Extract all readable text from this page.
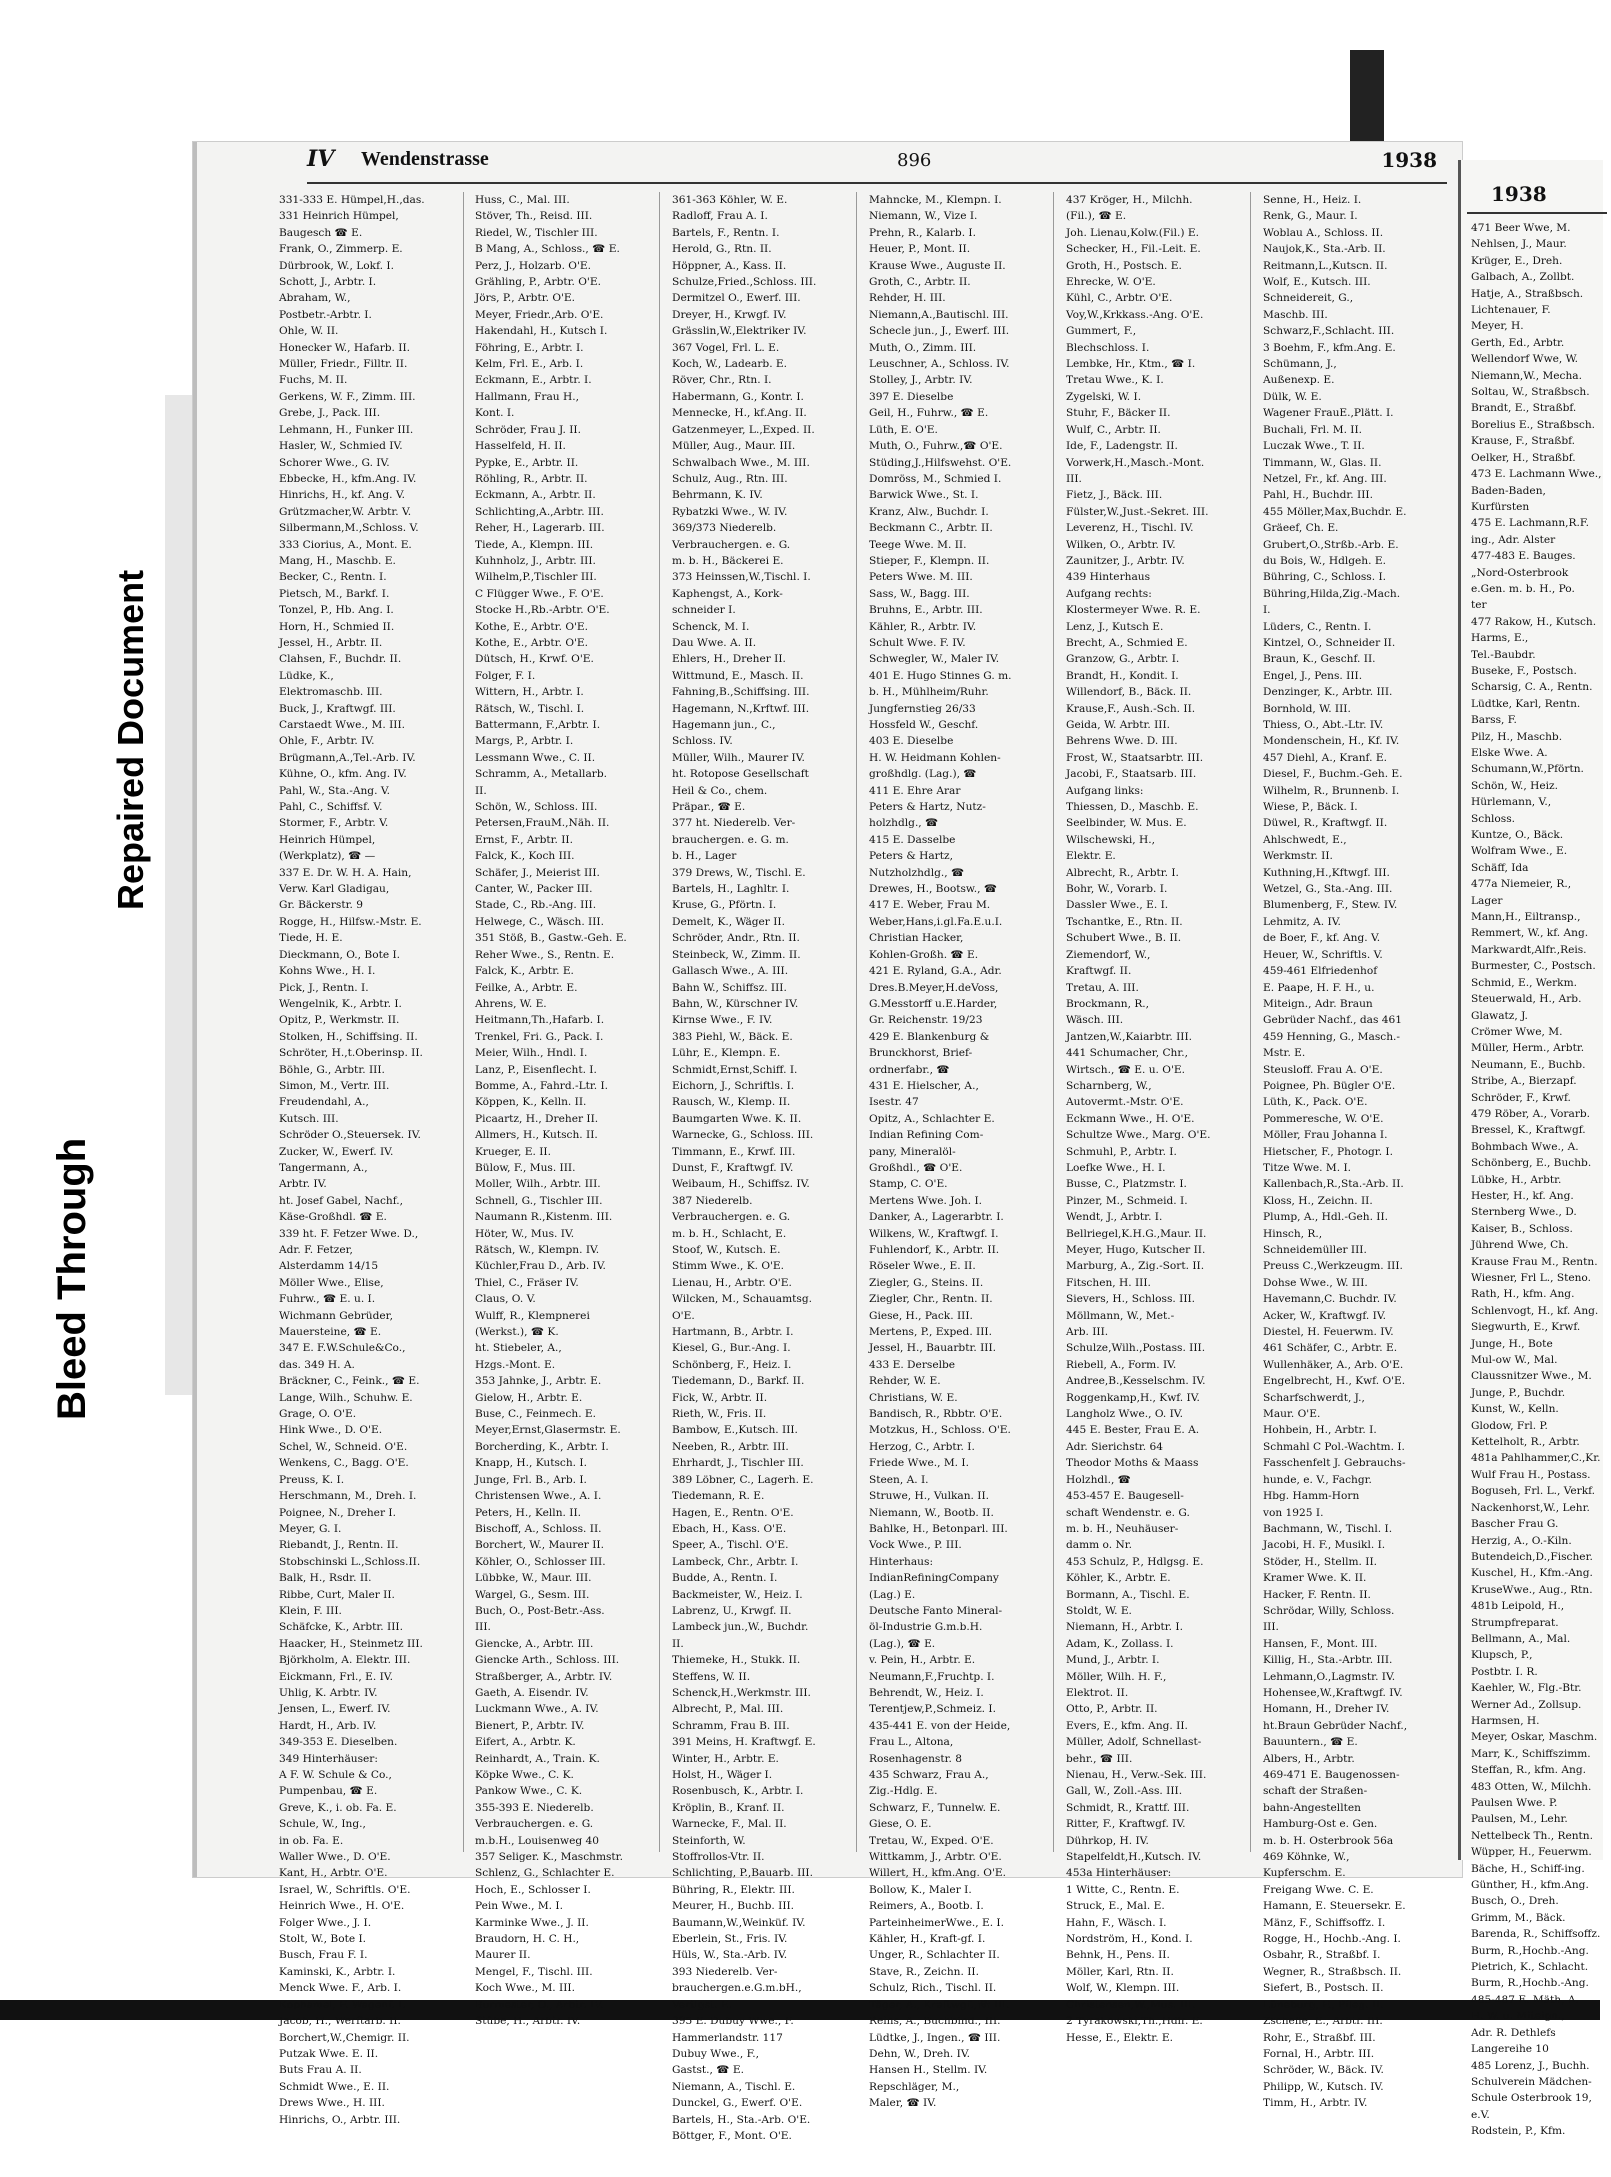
Bleed Through
Repaired Document
IV Wendenstrasse	896	1938
331-333 E. Hümpel,H.,das.
331 Heinrich Hümpel,
Baugesch ☎ E.
Frank, O., Zimmerp. E.
Dürbrook, W., Lokf. I.
Schott, J., Arbtr. I.
Abraham, W.,
Postbetr.-Arbtr. I.
Ohle, W. II.
Honecker W., Hafarb. II.
Müller, Friedr., Filltr. II.
Fuchs, M. II.
Gerkens, W. F., Zimm. III.
Grebe, J., Pack. III.
Lehmann, H., Funker III.
Hasler, W., Schmied IV.
Schorer Wwe., G. IV.
Ebbecke, H., kfm.Ang. IV.
Hinrichs, H., kf. Ang. V.
Grützmacher,W. Arbtr. V.
Silbermann,M.,Schloss. V.
333 Ciorius, A., Mont. E.
Mang, H., Maschb. E.
Becker, C., Rentn. I.
Pietsch, M., Barkf. I.
Tonzel, P., Hb. Ang. I.
Horn, H., Schmied II.
Jessel, H., Arbtr. II.
Clahsen, F., Buchdr. II.
Lüdke, K.,
Elektromaschb. III.
Buck, J., Kraftwgf. III.
Carstaedt Wwe., M. III.
Ohle, F., Arbtr. IV.
Brügmann,A.,Tel.-Arb. IV.
Kühne, O., kfm. Ang. IV.
Pahl, W., Sta.-Ang. V.
Pahl, C., Schiffsf. V.
Stormer, F., Arbtr. V.
Heinrich Hümpel,
(Werkplatz), ☎ —
337 E. Dr. W. H. A. Hain,
Verw. Karl Gladigau,
Gr. Bäckerstr. 9
Rogge, H., Hilfsw.-Mstr. E.
Tiede, H. E.
Dieckmann, O., Bote I.
Kohns Wwe., H. I.
Pick, J., Rentn. I.
Wengelnik, K., Arbtr. I.
Opitz, P., Werkmstr. II.
Stolken, H., Schiffsing. II.
Schröter, H.,t.Oberinsp. II.
Böhle, G., Arbtr. III.
Simon, M., Vertr. III.
Freudendahl, A.,
Kutsch. III.
Schröder O.,Steuersek. IV.
Zucker, W., Ewerf. IV.
Tangermann, A.,
Arbtr. IV.
ht. Josef Gabel, Nachf.,
Käse-Großhdl. ☎ E.
339 ht. F. Fetzer Wwe. D.,
Adr. F. Fetzer,
Alsterdamm 14/15
Möller Wwe., Elise,
Fuhrw., ☎ E. u. I.
Wichmann Gebrüder,
Mauersteine, ☎ E.
347 E. F.W.Schule&Co.,
das. 349 H. A.
Bräckner, C., Feink., ☎ E.
Lange, Wilh., Schuhw. E.
Grage, O. O'E.
Hink Wwe., D. O'E.
Schel, W., Schneid. O'E.
Wenkens, C., Bagg. O'E.
Preuss, K. I.
Herschmann, M., Dreh. I.
Poignee, N., Dreher I.
Meyer, G. I.
Riebandt, J., Rentn. II.
Stobschinski L.,Schloss.II.
Balk, H., Rsdr. II.
Ribbe, Curt, Maler II.
Klein, F. III.
Schäfcke, K., Arbtr. III.
Haacker, H., Steinmetz III.
Björkholm, A. Elektr. III.
Eickmann, Frl., E. IV.
Uhlig, K. Arbtr. IV.
Jensen, L., Ewerf. IV.
Hardt, H., Arb. IV.
349-353 E. Dieselben.
349 Hinterhäuser:
A F. W. Schule & Co.,
Pumpenbau, ☎ E.
Greve, K., i. ob. Fa. E.
Schule, W., Ing.,
in ob. Fa. E.
Waller Wwe., D. O'E.
Kant, H., Arbtr. O'E.
Israel, W., Schriftls. O'E.
Heinrich Wwe., H. O'E.
Folger Wwe., J. I.
Stolt, W., Bote I.
Busch, Frau F. I.
Kaminski, K., Arbtr. I.
Menck Wwe. F., Arb. I.
Kophamel, F. Wagenf. I.
Jacob, H., Werftarb. II.
Borchert,W.,Chemigr. II.
Putzak Wwe. E. II.
Buts Frau A. II.
Schmidt Wwe., E. II.
Drews Wwe., H. III.
Hinrichs, O., Arbtr. III.
Huss, C., Mal. III.
Stöver, Th., Reisd. III.
Riedel, W., Tischler III.
B Mang, A., Schloss., ☎ E.
Perz, J., Holzarb. O'E.
Grähling, P., Arbtr. O'E.
Jörs, P., Arbtr. O'E.
Meyer, Friedr.,Arb. O'E.
Hakendahl, H., Kutsch I.
Föhring, E., Arbtr. I.
Kelm, Frl. E., Arb. I.
Eckmann, E., Arbtr. I.
Hallmann, Frau H.,
Kont. I.
Schröder, Frau J. II.
Hasselfeld, H. II.
Pypke, E., Arbtr. II.
Röhling, R., Arbtr. II.
Eckmann, A., Arbtr. II.
Schlichting,A.,Arbtr. III.
Reher, H., Lagerarb. III.
Tiede, A., Klempn. III.
Kuhnholz, J., Arbtr. III.
Wilhelm,P.,Tischler III.
C Flügger Wwe., F. O'E.
Stocke H.,Rb.-Arbtr. O'E.
Kothe, E., Arbtr. O'E.
Kothe, E., Arbtr. O'E.
Dütsch, H., Krwf. O'E.
Folger, F. I.
Wittern, H., Arbtr. I.
Rätsch, W., Tischl. I.
Battermann, F.,Arbtr. I.
Margs, P., Arbtr. I.
Lessmann Wwe., C. II.
Schramm, A., Metallarb.
II.
Schön, W., Schloss. III.
Petersen,FrauM.,Näh. II.
Ernst, F., Arbtr. II.
Falck, K., Koch III.
Schäfer, J., Meierist III.
Canter, W., Packer III.
Stade, C., Rb.-Ang. III.
Helwege, C., Wäsch. III.
351 Stöß, B., Gastw.-Geh. E.
Reher Wwe., S., Rentn. E.
Falck, K., Arbtr. E.
Feilke, A., Arbtr. E.
Ahrens, W. E.
Heitmann,Th.,Hafarb. I.
Trenkel, Fri. G., Pack. I.
Meier, Wilh., Hndl. I.
Lanz, P., Eisenflecht. I.
Bomme, A., Fahrd.-Ltr. I.
Köppen, K., Kelln. II.
Picaartz, H., Dreher II.
Allmers, H., Kutsch. II.
Krueger, E. II.
Bülow, F., Mus. III.
Moller, Wilh., Arbtr. III.
Schnell, G., Tischler III.
Naumann R.,Kistenm. III.
Höter, W., Mus. IV.
Rätsch, W., Klempn. IV.
Küchler,Frau D., Arb. IV.
Thiel, C., Fräser IV.
Claus, O. V.
Wulff, R., Klempnerei
(Werkst.), ☎ K.
ht. Stiebeler, A.,
Hzgs.-Mont. E.
353 Jahnke, J., Arbtr. E.
Gielow, H., Arbtr. E.
Buse, C., Feinmech. E.
Meyer,Ernst,Glasermstr. E.
Borcherding, K., Arbtr. I.
Knapp, H., Kutsch. I.
Junge, Frl. B., Arb. I.
Christensen Wwe., A. I.
Peters, H., Kelln. II.
Bischoff, A., Schloss. II.
Borchert, W., Maurer II.
Köhler, O., Schlosser III.
Lübbke, W., Maur. III.
Wargel, G., Sesm. III.
Buch, O., Post-Betr.-Ass.
III.
Giencke, A., Arbtr. III.
Giencke Arth., Schloss. III.
Straßberger, A., Arbtr. IV.
Gaeth, A. Eisendr. IV.
Luckmann Wwe., A. IV.
Bienert, P., Arbtr. IV.
Eifert, A., Arbtr. K.
Reinhardt, A., Train. K.
Köpke Wwe., C. K.
Pankow Wwe., C. K.
355-393 E. Niederelb.
Verbrauchergen. e. G.
m.b.H., Louisenweg 40
357 Seliger. K., Maschmstr.
Schlenz, G., Schlachter E.
Hoch, E., Schlosser I.
Pein Wwe., M. I.
Karminke Wwe., J. II.
Braudorn, H. C. H.,
Maurer II.
Mengel, F., Tischl. III.
Koch Wwe., M. III.
Burmester, O., Arbtr. IV.
Stübe, H., Arbtr. IV.
361-363 Köhler, W. E.
Radloff, Frau A. I.
Bartels, F., Rentn. I.
Herold, G., Rtn. II.
Höppner, A., Kass. II.
Schulze,Fried.,Schloss. III.
Dermitzel O., Ewerf. III.
Dreyer, H., Krwgf. IV.
Grässlin,W.,Elektriker IV.
367 Vogel, Frl. L. E.
Koch, W., Ladearb. E.
Röver, Chr., Rtn. I.
Habermann, G., Kontr. I.
Mennecke, H., kf.Ang. II.
Gatzenmeyer, L.,Exped. II.
Müller, Aug., Maur. III.
Schwalbach Wwe., M. III.
Schulz, Aug., Rtn. III.
Behrmann, K. IV.
Rybatzki Wwe., W. IV.
369/373 Niederelb.
Verbrauchergen. e. G.
m. b. H., Bäckerei E.
373 Heinssen,W.,Tischl. I.
Kaphengst, A., Kork-
schneider I.
Schenck, M. I.
Dau Wwe. A. II.
Ehlers, H., Dreher II.
Wittmund, E., Masch. II.
Fahning,B.,Schiffsing. III.
Hagemann, N.,Krftwf. III.
Hagemann jun., C.,
Schloss. IV.
Müller, Wilh., Maurer IV.
ht. Rotopose Gesellschaft
Heil & Co., chem.
Präpar., ☎ E.
377 ht. Niederelb. Ver-
brauchergen. e. G. m.
b. H., Lager
379 Drews, W., Tischl. E.
Bartels, H., Laghltr. I.
Kruse, G., Pförtn. I.
Demelt, K., Wäger II.
Schröder, Andr., Rtn. II.
Steinbeck, W., Zimm. II.
Gallasch Wwe., A. III.
Bahn W., Schiffsz. III.
Bahn, W., Kürschner IV.
Kirnse Wwe., F. IV.
383 Piehl, W., Bäck. E.
Lühr, E., Klempn. E.
Schmidt,Ernst,Schiff. I.
Eichorn, J., Schriftls. I.
Rausch, W., Klemp. II.
Baumgarten Wwe. K. II.
Warnecke, G., Schloss. III.
Timmann, E., Krwf. III.
Dunst, F., Kraftwgf. IV.
Weibaum, H., Schiffsz. IV.
387 Niederelb.
Verbrauchergen. e. G.
m. b. H., Schlacht, E.
Stoof, W., Kutsch. E.
Stimm Wwe., K. O'E.
Lienau, H., Arbtr. O'E.
Wilcken, M., Schauamtsg.
O'E.
Hartmann, B., Arbtr. I.
Kiesel, G., Bur.-Ang. I.
Schönberg, F., Heiz. I.
Tiedemann, D., Barkf. II.
Fick, W., Arbtr. II.
Rieth, W., Fris. II.
Bambow, E.,Kutsch. III.
Neeben, R., Arbtr. III.
Ehrhardt, J., Tischler III.
389 Löbner, C., Lagerh. E.
Tiedemann, R. E.
Hagen, E., Rentn. O'E.
Ebach, H., Kass. O'E.
Speer, A., Tischl. O'E.
Lambeck, Chr., Arbtr. I.
Budde, A., Rentn. I.
Backmeister, W., Heiz. I.
Labrenz, U., Krwgf. II.
Lambeck jun.,W., Buchdr.
II.
Thiemeke, H., Stukk. II.
Steffens, W. II.
Schenck,H.,Werkmstr. III.
Albrecht, P., Mal. III.
Schramm, Frau B. III.
391 Meins, H. Kraftwgf. E.
Winter, H., Arbtr. E.
Holst, H., Wäger I.
Rosenbusch, K., Arbtr. I.
Kröplin, B., Kranf. II.
Warnecke, F., Mal. II.
Steinforth, W.
Stoffrollos-Vtr. II.
Schlichting, P.,Bauarb. III.
Bühring, R., Elektr. III.
Meurer, H., Buchb. III.
Baumann,W.,Weinküf. IV.
Eberlein, St., Fris. IV.
Hüls, W., Sta.-Arb. IV.
393 Niederelb. Ver-
brauchergen.e.G.m.bH.,
Vertlgst. E.
395 E. Dubuy Wwe., F.
Hammerlandstr. 117
Dubuy Wwe., F.,
Gastst., ☎ E.
Niemann, A., Tischl. E.
Dunckel, G., Ewerf. O'E.
Bartels, H., Sta.-Arb. O'E.
Böttger, F., Mont. O'E.
Mahncke, M., Klempn. I.
Niemann, W., Vize I.
Prehn, R., Kalarb. I.
Heuer, P., Mont. II.
Krause Wwe., Auguste II.
Groth, C., Arbtr. II.
Rehder, H. III.
Niemann,A.,Bautischl. III.
Schecle jun., J., Ewerf. III.
Muth, O., Zimm. III.
Leuschner, A., Schloss. IV.
Stolley, J., Arbtr. IV.
397 E. Dieselbe
Geil, H., Fuhrw., ☎ E.
Lüth, E. O'E.
Muth, O., Fuhrw.,☎ O'E.
Stüding,J.,Hilfswehst. O'E.
Domröss, M., Schmied I.
Barwick Wwe., St. I.
Kranz, Alw., Buchdr. I.
Beckmann C., Arbtr. II.
Teege Wwe. M. II.
Stieper, F., Klempn. II.
Peters Wwe. M. III.
Sass, W., Bagg. III.
Bruhns, E., Arbtr. III.
Kähler, R., Arbtr. IV.
Schult Wwe. F. IV.
Schwegler, W., Maler IV.
401 E. Hugo Stinnes G. m.
b. H., Mühlheim/Ruhr.
Jungfernstieg 26/33
Hossfeld W., Geschf.
403 E. Dieselbe
H. W. Heidmann Kohlen-
großhdlg. (Lag.), ☎
411 E. Ehre Arar
Peters & Hartz, Nutz-
holzhdlg., ☎
415 E. Dasselbe
Peters & Hartz,
Nutzholzhdlg., ☎
Drewes, H., Bootsw., ☎
417 E. Weber, Frau M.
Weber,Hans,i.gl.Fa.E.u.I.
Christian Hacker,
Kohlen-Großh. ☎ E.
421 E. Ryland, G.A., Adr.
Dres.B.Meyer,H.deVoss,
G.Messtorff u.E.Harder,
Gr. Reichenstr. 19/23
429 E. Blankenburg &
Brunckhorst, Brief-
ordnerfabr., ☎
431 E. Hielscher, A.,
Isestr. 47
Opitz, A., Schlachter E.
Indian Refining Com-
pany, Mineralöl-
Großhdl., ☎ O'E.
Stamp, C. O'E.
Mertens Wwe. Joh. I.
Danker, A., Lagerarbtr. I.
Wilkens, W., Kraftwgf. I.
Fuhlendorf, K., Arbtr. II.
Röseler Wwe., E. II.
Ziegler, G., Steins. II.
Ziegler, Chr., Rentn. II.
Giese, H., Pack. III.
Mertens, P., Exped. III.
Jessel, H., Bauarbtr. III.
433 E. Derselbe
Rehder, W. E.
Christians, W. E.
Bandisch, R., Rbbtr. O'E.
Motzkus, H., Schloss. O'E.
Herzog, C., Arbtr. I.
Friede Wwe., M. I.
Steen, A. I.
Struwe, H., Vulkan. II.
Niemann, W., Bootb. II.
Bahlke, H., Betonparl. III.
Vock Wwe., P. III.
Hinterhaus:
IndianRefiningCompany
(Lag.) E.
Deutsche Fanto Mineral-
öl-Industrie G.m.b.H.
(Lag.), ☎ E.
v. Pein, H., Arbtr. E.
Neumann,F.,Fruchtp. I.
Behrendt, W., Heiz. I.
Terentjew,P.,Schmeiz. I.
435-441 E. von der Heide,
Frau L., Altona,
Rosenhagenstr. 8
435 Schwarz, Frau A.,
Zig.-Hdlg. E.
Schwarz, F., Tunnelw. E.
Giese, O. E.
Tretau, W., Exped. O'E.
Wittkamm, J., Arbtr. O'E.
Willert, H., kfm.Ang. O'E.
Bollow, K., Maler I.
Reimers, A., Bootb. I.
ParteinheimerWwe., E. I.
Kähler, H., Kraft-gf. I.
Unger, R., Schlachter II.
Stave, R., Zeichn. II.
Schulz, Rich., Tischl. II.
Täger, A., Kraftwgf.,☎ III.
Reins, A., Buchbind., III.
Lüdtke, J., Ingen., ☎ III.
Dehn, W., Dreh. IV.
Hansen H., Stellm. IV.
Repschläger, M.,
Maler, ☎ IV.
437 Kröger, H., Milchh.
(Fil.), ☎ E.
Joh. Lienau,Kolw.(Fil.) E.
Schecker, H., Fil.-Leit. E.
Groth, H., Postsch. E.
Ehrecke, W. O'E.
Kühl, C., Arbtr. O'E.
Voy,W.,Krkkass.-Ang. O'E.
Gummert, F.,
Blechschloss. I.
Lembke, Hr., Ktm., ☎ I.
Tretau Wwe., K. I.
Zygelski, W. I.
Stuhr, F., Bäcker II.
Wulf, C., Arbtr. II.
Ide, F., Ladengstr. II.
Vorwerk,H.,Masch.-Mont.
III.
Fietz, J., Bäck. III.
Fülster,W.,Just.-Sekret. III.
Leverenz, H., Tischl. IV.
Wilken, O., Arbtr. IV.
Zaunitzer, J., Arbtr. IV.
439 Hinterhaus
Aufgang rechts:
Klostermeyer Wwe. R. E.
Lenz, J., Kutsch E.
Brecht, A., Schmied E.
Granzow, G., Arbtr. I.
Brandt, H., Kondit. I.
Willendorf, B., Bäck. II.
Krause,F., Aush.-Sch. II.
Geida, W. Arbtr. III.
Behrens Wwe. D. III.
Frost, W., Staatsarbtr. III.
Jacobi, F., Staatsarb. III.
Aufgang links:
Thiessen, D., Maschb. E.
Seelbinder, W. Mus. E.
Wilschewski, H.,
Elektr. E.
Albrecht, R., Arbtr. I.
Bohr, W., Vorarb. I.
Dassler Wwe., E. I.
Tschantke, E., Rtn. II.
Schubert Wwe., B. II.
Ziemendorf, W.,
Kraftwgf. II.
Tretau, A. III.
Brockmann, R.,
Wäsch. III.
Jantzen,W.,Kaiarbtr. III.
441 Schumacher, Chr.,
Wirtsch., ☎ E. u. O'E.
Scharnberg, W.,
Autovermt.-Mstr. O'E.
Eckmann Wwe., H. O'E.
Schultze Wwe., Marg. O'E.
Schmuhl, P., Arbtr. I.
Loefke Wwe., H. I.
Busse, C., Platzmstr. I.
Pinzer, M., Schmeid. I.
Wendt, J., Arbtr. I.
Bellriegel,K.H.G.,Maur. II.
Meyer, Hugo, Kutscher II.
Marburg, A., Zig.-Sort. II.
Fitschen, H. III.
Sievers, H., Schloss. III.
Möllmann, W., Met.-
Arb. III.
Schulze,Wilh.,Postass. III.
Riebell, A., Form. IV.
Andree,B.,Kesselschm. IV.
Roggenkamp,H., Kwf. IV.
Langholz Wwe., O. IV.
445 E. Bester, Frau E. A.
Adr. Sierichstr. 64
Theodor Moths & Maass
Holzhdl., ☎
453-457 E. Baugesell-
schaft Wendenstr. e. G.
m. b. H., Neuhäuser-
damm o. Nr.
453 Schulz, P., Hdlgsg. E.
Köhler, K., Arbtr. E.
Bormann, A., Tischl. E.
Stoldt, W. E.
Niemann, H., Arbtr. I.
Adam, K., Zollass. I.
Mund, J., Arbtr. I.
Möller, Wilh. H. F.,
Elektrot. II.
Otto, P., Arbtr. II.
Evers, E., kfm. Ang. II.
Müller, Adolf, Schnellast-
behr., ☎ III.
Nienau, H., Verw.-Sek. III.
Gall, W., Zoll.-Ass. III.
Schmidt, R., Krattf. III.
Ritter, F., Kraftwgf. IV.
Dührkop, H. IV.
Stapelfeldt,H.,Kutsch. IV.
453a Hinterhäuser:
1 Witte, C., Rentn. E.
Struck, E., Mal. E.
Hahn, F., Wäsch. I.
Nordström, H., Kond. I.
Behnk, H., Pens. II.
Möller, Karl, Rtn. II.
Wolf, W., Klempn. III.
Christensen,W.,Mus. III.
2 Tyrakowski,Th.,Hdlr. E.
Hesse, E., Elektr. E.
Senne, H., Heiz. I.
Renk, G., Maur. I.
Woblau A., Schloss. II.
Naujok,K., Sta.-Arb. II.
Reitmann,L.,Kutscn. II.
Wolf, E., Kutsch. III.
Schneidereit, G.,
Maschb. III.
Schwarz,F.,Schlacht. III.
3 Boehm, F., kfm.Ang. E.
Schümann, J.,
Außenexp. E.
Dülk, W. E.
Wagener FrauE.,Plätt. I.
Buchali, Frl. M. II.
Luczak Wwe., T. II.
Timmann, W., Glas. II.
Netzel, Fr., kf. Ang. III.
Pahl, H., Buchdr. III.
455 Möller,Max,Buchdr. E.
Gräeef, Ch. E.
Grubert,O.,Strßb.-Arb. E.
du Bois, W., Hdlgeh. E.
Bühring, C., Schloss. I.
Bühring,Hilda,Zig.-Mach.
I.
Lüders, C., Rentn. I.
Kintzel, O., Schneider II.
Braun, K., Geschf. II.
Engel, J., Pens. III.
Denzinger, K., Arbtr. III.
Bornhold, W. III.
Thiess, O., Abt.-Ltr. IV.
Mondenschein, H., Kf. IV.
457 Diehl, A., Kranf. E.
Diesel, F., Buchm.-Geh. E.
Wilhelm, R., Brunnenb. I.
Wiese, P., Bäck. I.
Düwel, R., Kraftwgf. II.
Ahlschwedt, E.,
Werkmstr. II.
Kuthning,H.,Kftwgf. III.
Wetzel, G., Sta.-Ang. III.
Blumenberg, F., Stew. IV.
Lehmitz, A. IV.
de Boer, F., kf. Ang. V.
Heuer, W., Schriftls. V.
459-461 Elfriedenhof
E. Paape, H. F. H., u.
Miteign., Adr. Braun
Gebrüder Nachf., das 461
459 Henning, G., Masch.-
Mstr. E.
Steusloff. Frau A. O'E.
Poignee, Ph. Bügler O'E.
Lüth, K., Pack. O'E.
Pommeresche, W. O'E.
Möller, Frau Johanna I.
Hietscher, F., Photogr. I.
Titze Wwe. M. I.
Kallenbach,R.,Sta.-Arb. II.
Kloss, H., Zeichn. II.
Plump, A., Hdl.-Geh. II.
Hinsch, R.,
Schneidemüller III.
Preuss C.,Werkzeugm. III.
Dohse Wwe., W. III.
Havemann,C. Buchdr. IV.
Acker, W., Kraftwgf. IV.
Diestel, H. Feuerwm. IV.
461 Schäfer, C., Arbtr. E.
Wullenhäker, A., Arb. O'E.
Engelbrecht, H., Kwf. O'E.
Scharfschwerdt, J.,
Maur. O'E.
Hohbein, H., Arbtr. I.
Schmahl C Pol.-Wachtm. I.
Fasschenfelt J. Gebrauchs-
hunde, e. V., Fachgr.
Hbg. Hamm-Horn
von 1925 I.
Bachmann, W., Tischl. I.
Jacobi, H. F., Musikl. I.
Stöder, H., Stellm. II.
Kramer Wwe. K. II.
Hacker, F. Rentn. II.
Schrödar, Willy, Schloss.
III.
Hansen, F., Mont. III.
Killig, H., Sta.-Arbtr. III.
Lehmann,O.,Lagmstr. IV.
Hohensee,W.,Kraftwgf. IV.
Homann, H., Dreher IV.
ht.Braun Gebrüder Nachf.,
Bauuntern., ☎ E.
Albers, H., Arbtr.
469-471 E. Baugenossen-
schaft der Straßen-
bahn-Angestellten
Hamburg-Ost e. Gen.
m. b. H. Osterbrook 56a
469 Köhnke, W.,
Kupferschm. E.
Freigang Wwe. C. E.
Hamann, E. Steuersekr. E.
Mänz, F., Schiffsoffz. I.
Rogge, H., Hochb.-Ang. I.
Osbahr, R., Straßbf. I.
Wegner, R., Straßbsch. II.
Siefert, B., Postsch. II.
Lüneburg, F., Pfleg. II.
Zschelle, E., Arbtr. III.
Rohr, E., Straßbf. III.
Fornal, H., Arbtr. III.
Schröder, W., Bäck. IV.
Philipp, W., Kutsch. IV.
Timm, H., Arbtr. IV.
1938
471 Beer Wwe, M.
Nehlsen, J., Maur.
Krüger, E., Dreh.
Galbach, A., Zollbt.
Hatje, A., Straßbsch.
Lichtenauer, F.
Meyer, H.
Gerth, Ed., Arbtr.
Wellendorf Wwe, W.
Niemann,W., Mecha.
Soltau, W., Straßbsch.
Brandt, E., Straßbf.
Borelius E., Straßbsch.
Krause, F., Straßbf.
Oelker, H., Straßbf.
473 E. Lachmann Wwe.,
Baden-Baden,
Kurfürsten
475 E. Lachmann,R.F.
ing., Adr. Alster
477-483 E. Bauges.
„Nord-Osterbrook
e.Gen. m. b. H., Po.
ter
477 Rakow, H., Kutsch.
Harms, E.,
Tel.-Baubdr.
Buseke, F., Postsch.
Scharsig, C. A., Rentn.
Lüdtke, Karl, Rentn.
Barss, F.
Pilz, H., Maschb.
Elske Wwe. A.
Schumann,W.,Pförtn.
Schön, W., Heiz.
Hürlemann, V.,
Schloss.
Kuntze, O., Bäck.
Wolfram Wwe., E.
Schäff, Ida
477a Niemeier, R.,
Lager
Mann,H., Eiltransp.,
Remmert, W., kf. Ang.
Markwardt,Alfr.,Reis.
Burmester, C., Postsch.
Schmid, E., Werkm.
Steuerwald, H., Arb.
Glawatz, J.
Crömer Wwe, M.
Müller, Herm., Arbtr.
Neumann, E., Buchb.
Stribe, A., Bierzapf.
Schröder, F., Krwf.
479 Röber, A., Vorarb.
Bressel, K., Kraftwgf.
Bohmbach Wwe., A.
Schönberg, E., Buchb.
Lübke, H., Arbtr.
Hester, H., kf. Ang.
Sternberg Wwe., D.
Kaiser, B., Schloss.
Jührend Wwe, Ch.
Krause Frau M., Rentn.
Wiesner, Frl L., Steno.
Rath, H., kfm. Ang.
Schlenvogt, H., kf. Ang.
Siegwurth, E., Krwf.
Junge, H., Bote
Mul-ow W., Mal.
Claussnitzer Wwe., M.
Junge, P., Buchdr.
Kunst, W., Kelln.
Glodow, Frl. P.
Kettelholt, R., Arbtr.
481a Pahlhammer,C.,Kr.
Wulf Frau H., Postass.
Boguseh, Frl. L., Verkf.
Nackenhorst,W., Lehr.
Bascher Frau G.
Herzig, A., O.-Kiln.
Butendeich,D.,Fischer.
Kuschel, H., Kfm.-Ang.
KruseWwe., Aug., Rtn.
481b Leipold, H.,
Strumpfreparat.
Bellmann, A., Mal.
Klupsch, P.,
Postbtr. I. R.
Kaehler, W., Flg.-Btr.
Werner Ad., Zollsup.
Harmsen, H.
Meyer, Oskar, Maschm.
Marr, K., Schiffszimm.
Steffan, R., kfm. Ang.
483 Otten, W., Milchh.
Paulsen Wwe. P.
Paulsen, M., Lehr.
Nettelbeck Th., Rentn.
Wüpper, H., Feuerwm.
Bäche, H., Schiff-ing.
Günther, H., kfm.Ang.
Busch, O., Dreh.
Grimm, M., Bäck.
Barenda, R., Schiffsoffz.
Burm, R.,Hochb.-Ang.
Pietrich, K., Schlacht.
Burm, R.,Hochb.-Ang.
485-487 E. Mäth, A.
H. W. u. Miteign.,
Adr. R. Dethlefs
Langereihe 10
485 Lorenz, J., Buchh.
Schulverein Mädchen-
Schule Osterbrook 19,
e.V.
Rodstein, P., Kfm.
